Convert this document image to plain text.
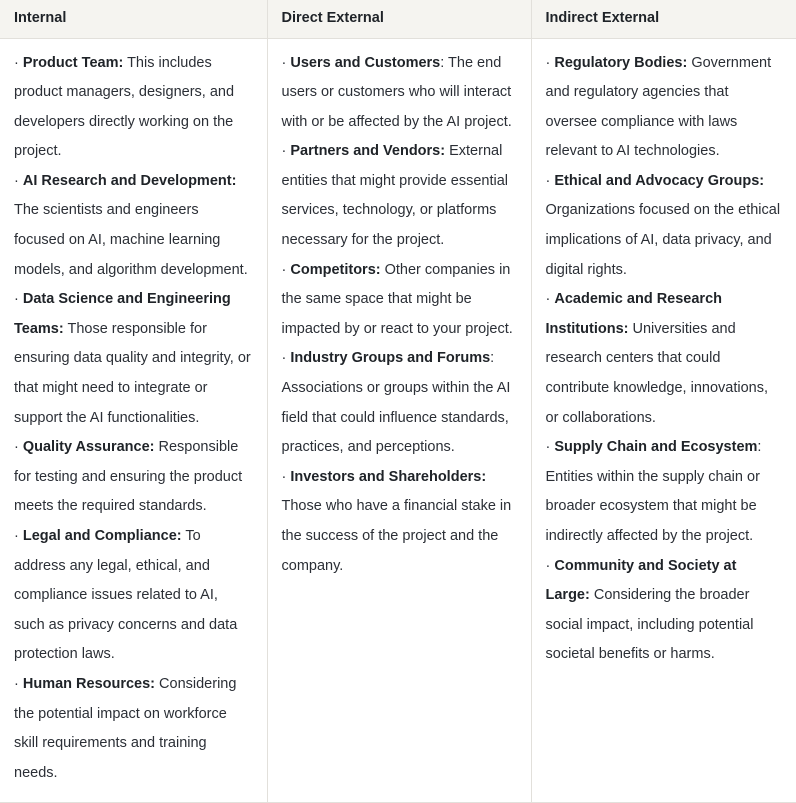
Internal	Direct External	Indirect External

· Product Team: This includes product managers, designers, and developers directly working on the project.
· AI Research and Development: The scientists and engineers focused on AI, machine learning models, and algorithm development.
· Data Science and Engineering Teams: Those responsible for ensuring data quality and integrity, or that might need to integrate or support the AI functionalities.
· Quality Assurance: Responsible for testing and ensuring the product meets the required standards.
· Legal and Compliance: To address any legal, ethical, and compliance issues related to AI, such as privacy concerns and data protection laws.
· Human Resources: Considering the potential impact on workforce skill requirements and training needs.

· Users and Customers: The end users or customers who will interact with or be affected by the AI project.
· Partners and Vendors: External entities that might provide essential services, technology, or platforms necessary for the project.
· Competitors: Other companies in the same space that might be impacted by or react to your project.
· Industry Groups and Forums: Associations or groups within the AI field that could influence standards, practices, and perceptions.
· Investors and Shareholders: Those who have a financial stake in the success of the project and the company.

· Regulatory Bodies: Government and regulatory agencies that oversee compliance with laws relevant to AI technologies.
· Ethical and Advocacy Groups: Organizations focused on the ethical implications of AI, data privacy, and digital rights.
· Academic and Research Institutions: Universities and research centers that could contribute knowledge, innovations, or collaborations.
· Supply Chain and Ecosystem: Entities within the supply chain or broader ecosystem that might be indirectly affected by the project.
· Community and Society at Large: Considering the broader social impact, including potential societal benefits or harms.
